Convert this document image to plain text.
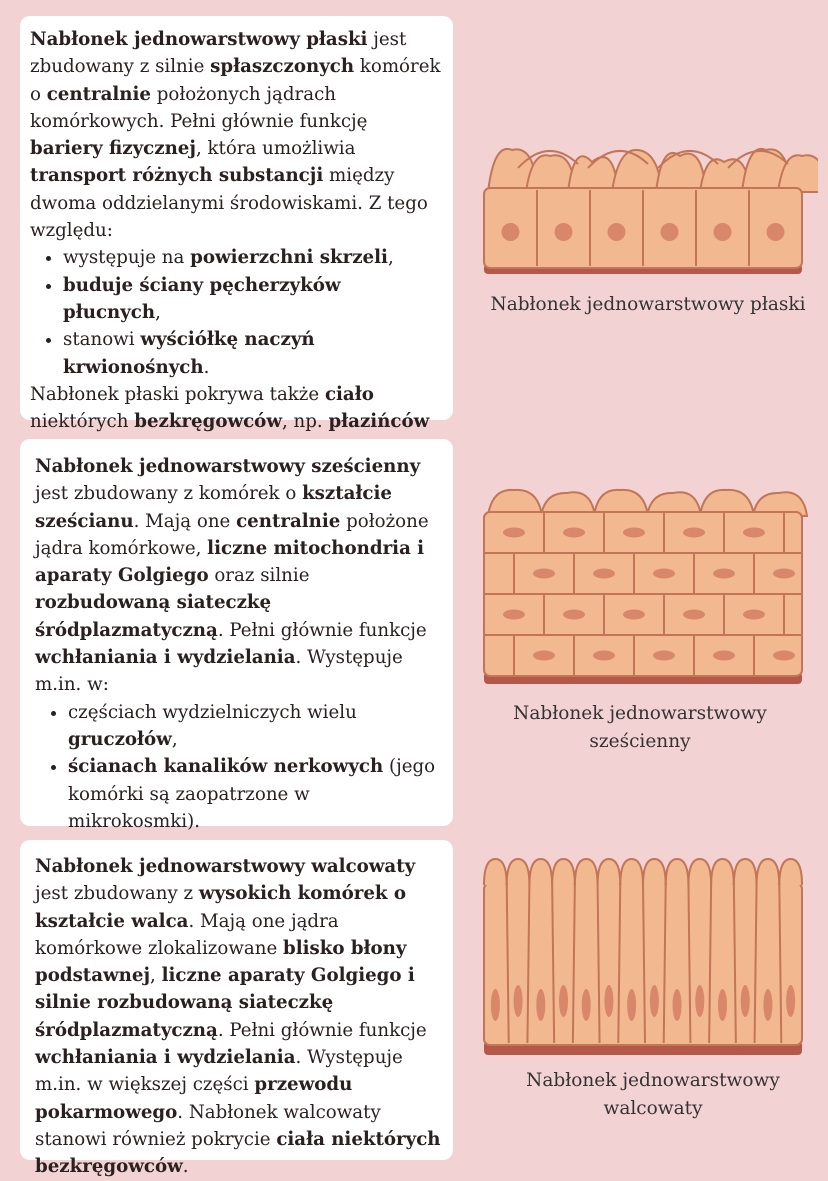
Nabłonek jednowarstwowy płaski jest zbudowany z silnie spłaszczonych komórek o centralnie położonych jądrach komórkowych. Pełni głównie funkcję bariery fizycznej, która umożliwia transport różnych substancji między dwoma oddzielanymi środowiskami. Z tego względu:

• występuje na powierzchni skrzeli,
• buduje ściany pęcherzyków płucnych,
• stanowi wyściółkę naczyń krwionośnych.

Nabłonek płaski pokrywa także ciało niektórych bezkręgowców, np. płazińców

Nabłonek jednowarstwowy sześcienny jest zbudowany z komórek o kształcie sześcianu. Mają one centralnie położone jądra komórkowe, liczne mitochondria i aparaty Golgiego oraz silnie rozbudowaną siateczkę śródplazmatyczną. Pełni głównie funkcje wchłaniania i wydzielania. Występuje m.in. w:

• częściach wydzielniczych wielu gruczołów,
• ścianach kanalików nerkowych (jego komórki są zaopatrzone w mikrokosmki).

Nabłonek jednowarstwowy walcowaty jest zbudowany z wysokich komórek o kształcie walca. Mają one jądra komórkowe zlokalizowane blisko błony podstawnej, liczne aparaty Golgiego i silnie rozbudowaną siateczkę śródplazmatyczną. Pełni głównie funkcje wchłaniania i wydzielania. Występuje m.in. w większej części przewodu pokarmowego. Nabłonek walcowaty stanowi również pokrycie ciała niektórych bezkręgowców.

Nabłonek jednowarstwowy płaski
Nabłonek jednowarstwowy sześcienny
Nabłonek jednowarstwowy walcowaty
